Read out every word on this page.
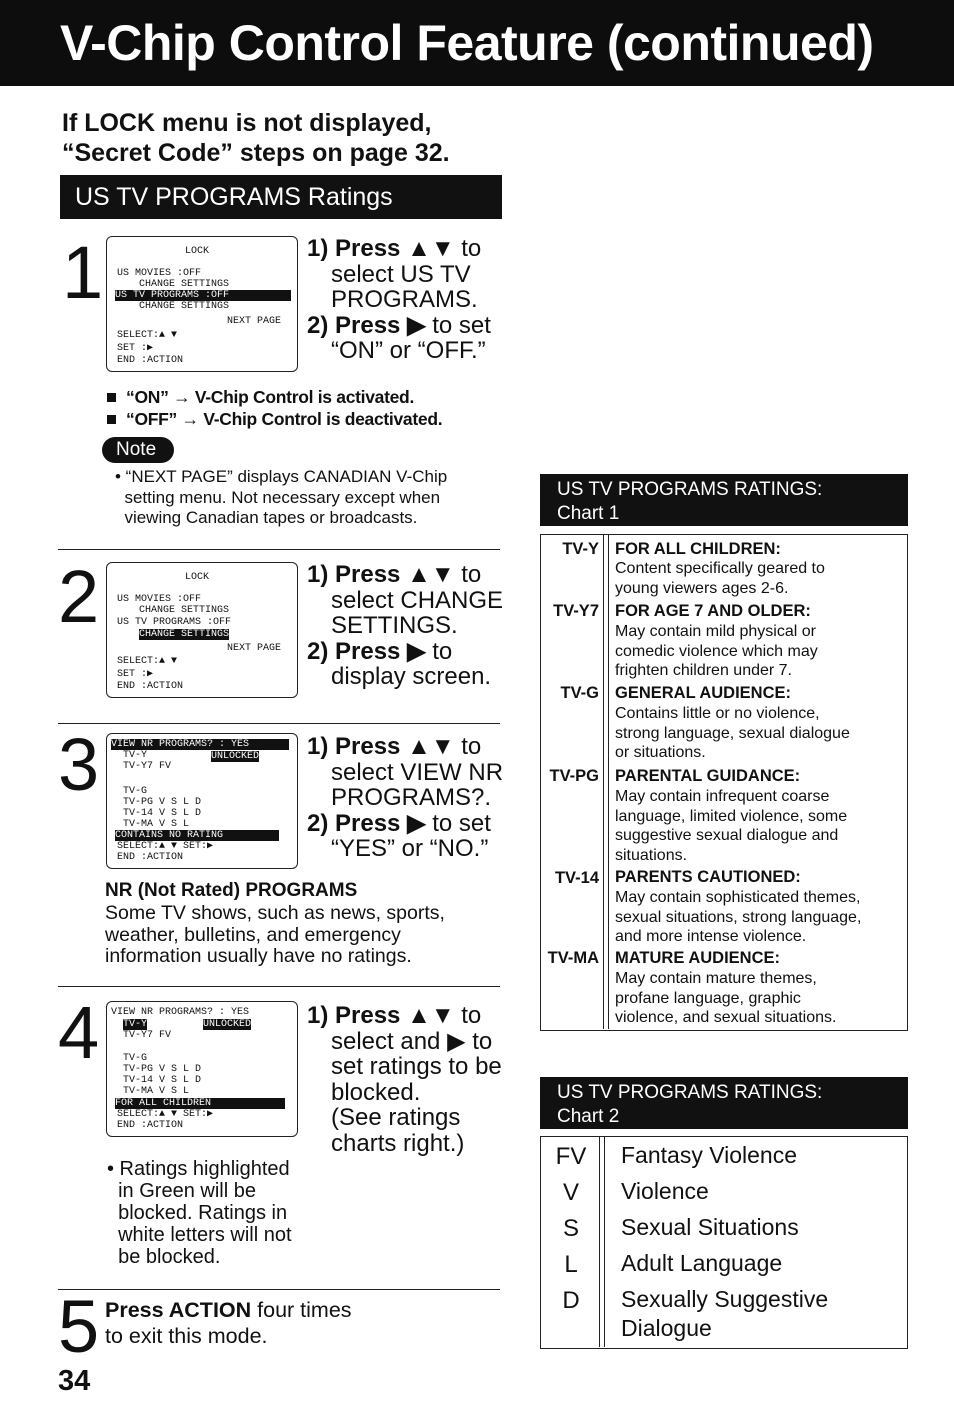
V-Chip Control Feature (continued)
If LOCK menu is not displayed,
“Secret Code” steps on page 32.
US TV PROGRAMS Ratings
1	LOCK
US MOVIES :OFF
CHANGE SETTINGS
US TV PROGRAMS :OFF
CHANGE SETTINGS
NEXT PAGE
SELECT:▲ ▼
SET :▶
END :ACTION
1) Press ▲▼ to
select US TV
PROGRAMS.
2) Press ▶ to set
“ON” or “OFF.”
“ON” → V-Chip Control is activated.
“OFF” → V-Chip Control is deactivated.
Note
• “NEXT PAGE” displays CANADIAN V-Chip
setting menu. Not necessary except when
viewing Canadian tapes or broadcasts.
2	LOCK
US MOVIES :OFF
CHANGE SETTINGS
US TV PROGRAMS :OFF
CHANGE SETTINGS
NEXT PAGE
SELECT:▲ ▼
SET :▶
END :ACTION
1) Press ▲▼ to
select CHANGE
SETTINGS.
2) Press ▶ to
display screen.
3 VIEW NR PROGRAMS? : YES
TV-Y	UNLOCKED
TV-Y7 FV
TV-G
TV-PG V S L D
TV-14 V S L D
TV-MA V S L
CONTAINS NO RATING
SELECT:▲ ▼ SET:▶
END :ACTION
1) Press ▲▼ to
select VIEW NR
PROGRAMS?.
2) Press ▶ to set
“YES” or “NO.”
NR (Not Rated) PROGRAMS
Some TV shows, such as news, sports,
weather, bulletins, and emergency
information usually have no ratings.
4 VIEW NR PROGRAMS? : YES
TV-Y	UNLOCKED
TV-Y7 FV
TV-G
TV-PG V S L D
TV-14 V S L D
TV-MA V S L
FOR ALL CHILDREN
SELECT:▲ ▼ SET:▶
END :ACTION
1) Press ▲▼ to
select and ▶ to
set ratings to be
blocked.
(See ratings
charts right.)
• Ratings highlighted
in Green will be
blocked. Ratings in
white letters will not
be blocked.
5 Press ACTION four times
to exit this mode.
34
US TV PROGRAMS RATINGS:
Chart 1
TV-Y FOR ALL CHILDREN:
Content specifically geared to
young viewers ages 2-6.
TV-Y7 FOR AGE 7 AND OLDER:
May contain mild physical or
comedic violence which may
frighten children under 7.
TV-G GENERAL AUDIENCE:
Contains little or no violence,
strong language, sexual dialogue
or situations.
TV-PG PARENTAL GUIDANCE:
May contain infrequent coarse
language, limited violence, some
suggestive sexual dialogue and
situations.
TV-14 PARENTS CAUTIONED:
May contain sophisticated themes,
sexual situations, strong language,
and more intense violence.
TV-MA MATURE AUDIENCE:
May contain mature themes,
profane language, graphic
violence, and sexual situations.
US TV PROGRAMS RATINGS:
Chart 2
FV	Fantasy Violence
V	Violence
S	Sexual Situations
L	Adult Language
D	Sexually Suggestive
Dialogue
